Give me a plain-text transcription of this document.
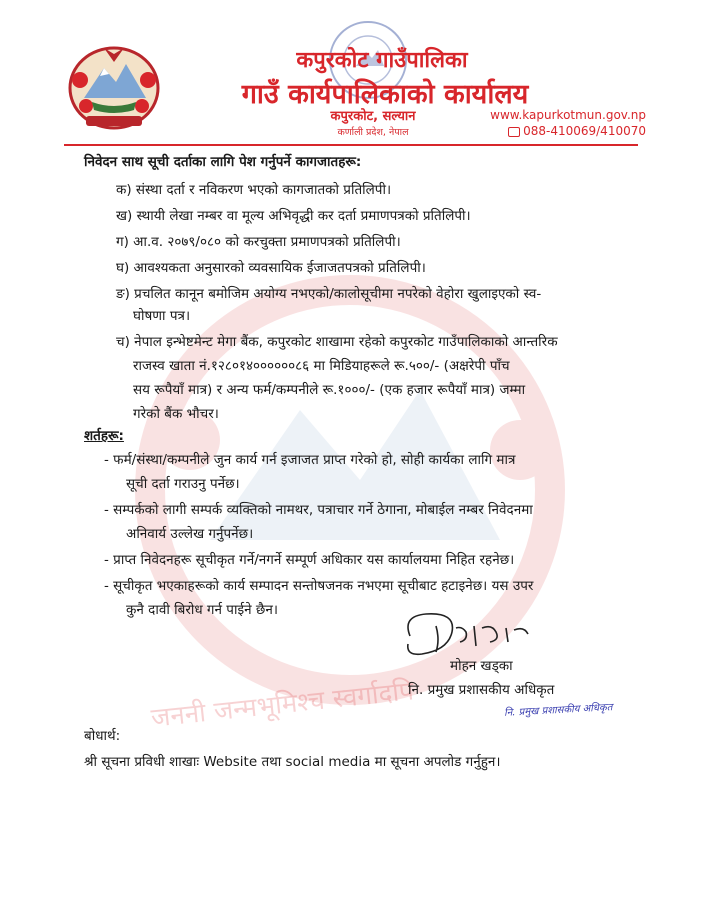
जननी जन्मभूमिश्च स्वर्गादपि
कपुरकोट गाउँपालिका
गाउँ कार्यपालिकाको कार्यालय
कपुरकोट, सल्यान
कर्णाली प्रदेश, नेपाल
www.kapurkotmun.gov.np
088-410069/410070
निवेदन साथ सूची दर्ताका लागि पेश गर्नुपर्ने कागजातहरू:
क) संस्था दर्ता र नविकरण भएको कागजातको प्रतिलिपी।
ख) स्थायी लेखा नम्बर वा मूल्य अभिवृद्धी कर दर्ता प्रमाणपत्रको प्रतिलिपी।
ग) आ.व. २०७९/०८० को करचुक्ता प्रमाणपत्रको प्रतिलिपी।
घ) आवश्यकता अनुसारको व्यवसायिक ईजाजतपत्रको प्रतिलिपी।
ङ) प्रचलित कानून बमोजिम अयोग्य नभएको/कालोसूचीमा नपरेको वेहोरा खुलाइएको स्व-
घोषणा पत्र।
च) नेपाल इन्भेष्टमेन्ट मेगा बैंक, कपुरकोट शाखामा रहेको कपुरकोट गाउँपालिकाको आन्तरिक
राजस्व खाता नं.१२८०१४००००००८६ मा मिडियाहरूले रू.५००/- (अक्षरेपी पाँच
सय रूपैयाँ मात्र) र अन्य फर्म/कम्पनीले रू.१०००/- (एक हजार रूपैयाँ मात्र) जम्मा
गरेको बैंक भौचर।
शर्तहरू:
- फर्म/संस्था/कम्पनीले जुन कार्य गर्न इजाजत प्राप्त गरेको हो, सोही कार्यका लागि मात्र
सूची दर्ता गराउनु पर्नेछ।
- सम्पर्कको लागी सम्पर्क व्यक्तिको नामथर, पत्राचार गर्ने ठेगाना, मोबाईल नम्बर निवेदनमा
अनिवार्य उल्लेख गर्नुपर्नेछ।
- प्राप्त निवेदनहरू सूचीकृत गर्ने/नगर्ने सम्पूर्ण अधिकार यस कार्यालयमा निहित रहनेछ।
- सूचीकृत भएकाहरूको कार्य सम्पादन सन्तोषजनक नभएमा सूचीबाट हटाइनेछ। यस उपर
कुनै दावी बिरोध गर्न पाईने छैन।
मोहन खड्का
नि. प्रमुख प्रशासकीय अधिकृत
नि. प्रमुख प्रशासकीय अधिकृत
बोधार्थ:
श्री सूचना प्रविधी शाखाः Website तथा social media मा सूचना अपलोड गर्नुहुन।
